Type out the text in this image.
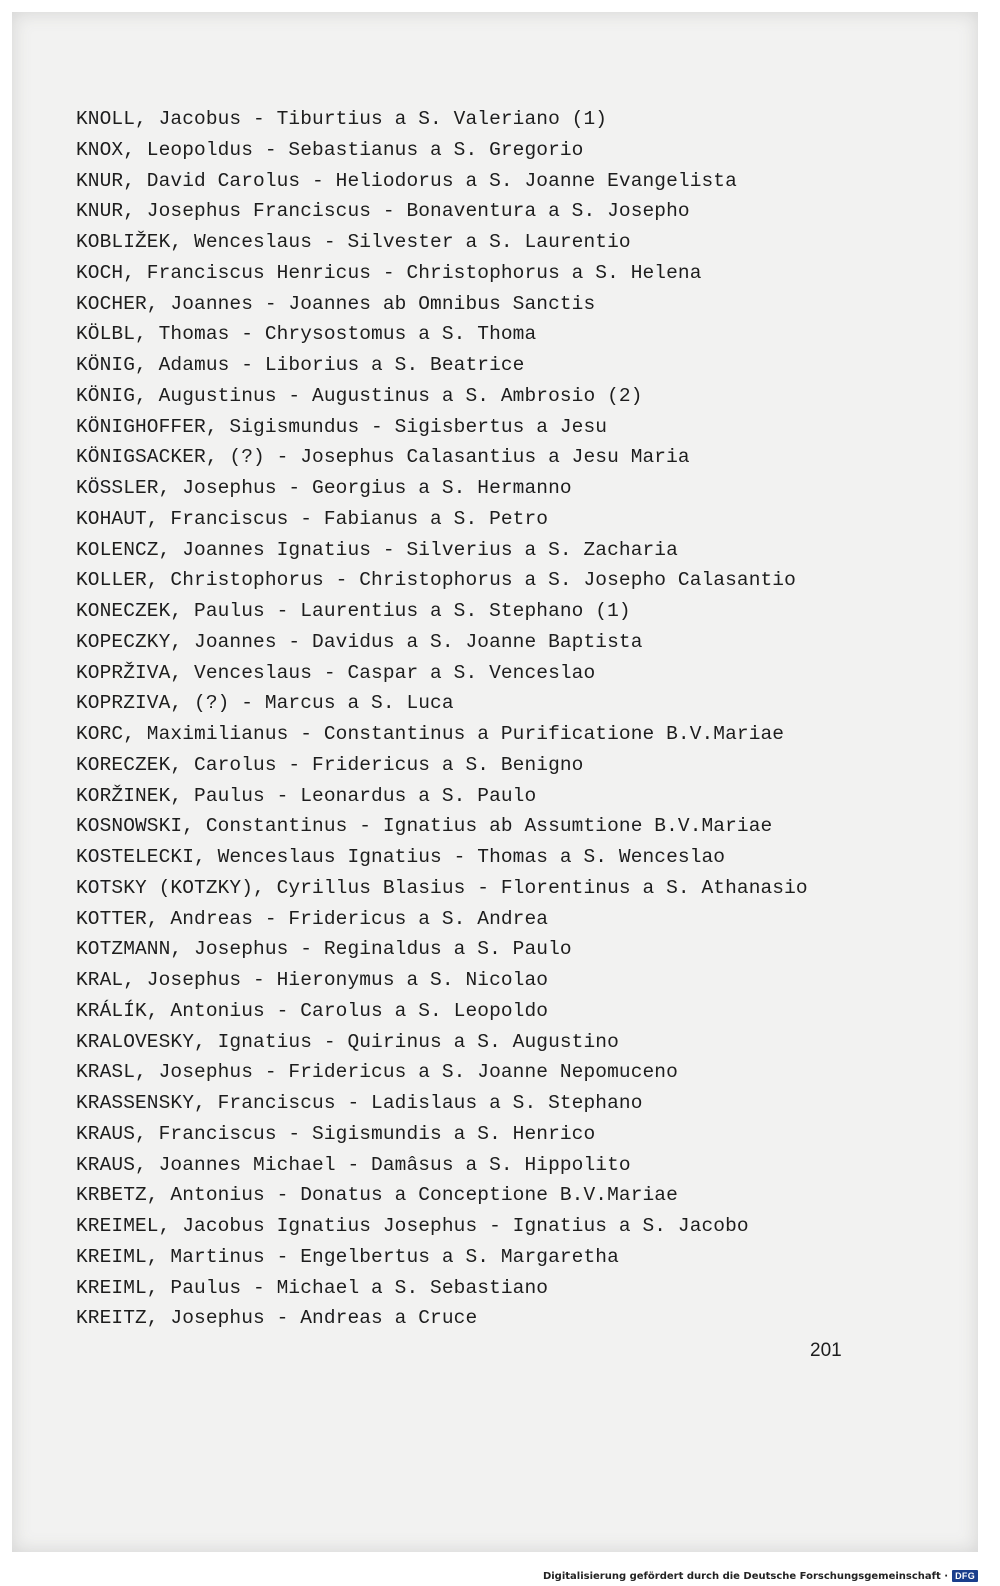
KNOLL, Jacobus - Tiburtius a S. Valeriano (1)
KNOX, Leopoldus - Sebastianus a S. Gregorio
KNUR, David Carolus - Heliodorus a S. Joanne Evangelista
KNUR, Josephus Franciscus - Bonaventura a S. Josepho
KOBLIŽEK, Wenceslaus - Silvester a S. Laurentio
KOCH, Franciscus Henricus - Christophorus a S. Helena
KOCHER, Joannes - Joannes ab Omnibus Sanctis
KÖLBL, Thomas - Chrysostomus a S. Thoma
KÖNIG, Adamus - Liborius a S. Beatrice
KÖNIG, Augustinus - Augustinus a S. Ambrosio (2)
KÖNIGHOFFER, Sigismundus - Sigisbertus a Jesu
KÖNIGSACKER, (?) - Josephus Calasantius a Jesu Maria
KÖSSLER, Josephus - Georgius a S. Hermanno
KOHAUT, Franciscus - Fabianus a S. Petro
KOLENCZ, Joannes Ignatius - Silverius a S. Zacharia
KOLLER, Christophorus - Christophorus a S. Josepho Calasantio
KONECZEK, Paulus - Laurentius a S. Stephano (1)
KOPECZKY, Joannes - Davidus a S. Joanne Baptista
KOPRŽIVA, Venceslaus - Caspar a S. Venceslao
KOPRZIVA, (?) - Marcus a S. Luca
KORC, Maximilianus - Constantinus a Purificatione B.V.Mariae
KORECZEK, Carolus - Fridericus a S. Benigno
KORŽINEK, Paulus - Leonardus a S. Paulo
KOSNOWSKI, Constantinus - Ignatius ab Assumtione B.V.Mariae
KOSTELECKI, Wenceslaus Ignatius - Thomas a S. Wenceslao
KOTSKY (KOTZKY), Cyrillus Blasius - Florentinus a S. Athanasio
KOTTER, Andreas - Fridericus a S. Andrea
KOTZMANN, Josephus - Reginaldus a S. Paulo
KRAL, Josephus - Hieronymus a S. Nicolao
KRÁLÍK, Antonius - Carolus a S. Leopoldo
KRALOVESKY, Ignatius - Quirinus a S. Augustino
KRASL, Josephus - Fridericus a S. Joanne Nepomuceno
KRASSENSKY, Franciscus - Ladislaus a S. Stephano
KRAUS, Franciscus - Sigismundis a S. Henrico
KRAUS, Joannes Michael - Damâsus a S. Hippolito
KRBETZ, Antonius - Donatus a Conceptione B.V.Mariae
KREIMEL, Jacobus Ignatius Josephus - Ignatius a S. Jacobo
KREIML, Martinus - Engelbertus a S. Margaretha
KREIML, Paulus - Michael a S. Sebastiano
KREITZ, Josephus - Andreas a Cruce
201
Digitalisierung gefördert durch die Deutsche Forschungsgemeinschaft · DFG
